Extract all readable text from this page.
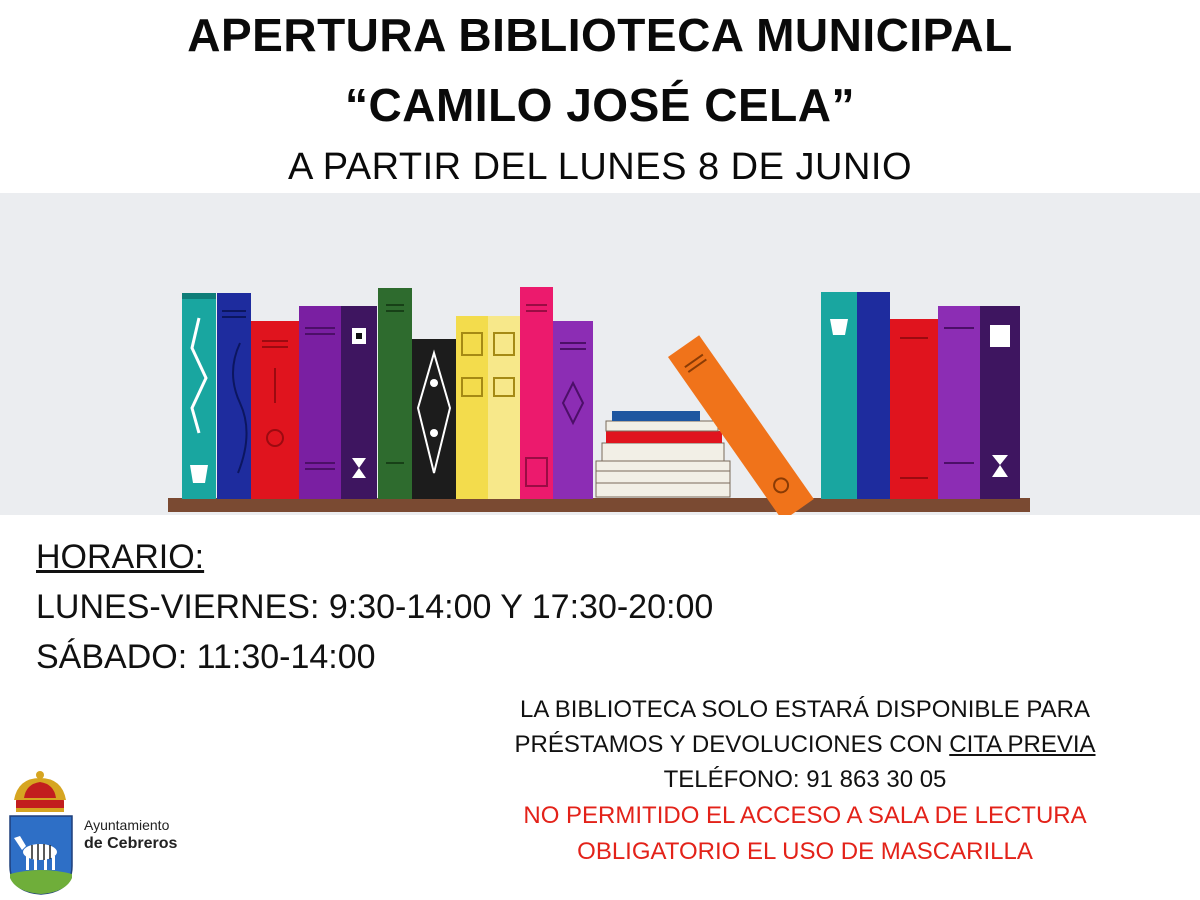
APERTURA BIBLIOTECA MUNICIPAL
“CAMILO JOSÉ CELA”
A PARTIR DEL LUNES 8 DE JUNIO
HORARIO:
LUNES-VIERNES: 9:30-14:00 Y 17:30-20:00
SÁBADO: 11:30-14:00
LA BIBLIOTECA SOLO ESTARÁ DISPONIBLE PARA
PRÉSTAMOS Y DEVOLUCIONES CON CITA PREVIA
TELÉFONO: 91 863 30 05
NO PERMITIDO EL ACCESO A SALA DE LECTURA
OBLIGATORIO EL USO DE MASCARILLA
Ayuntamiento
de Cebreros
